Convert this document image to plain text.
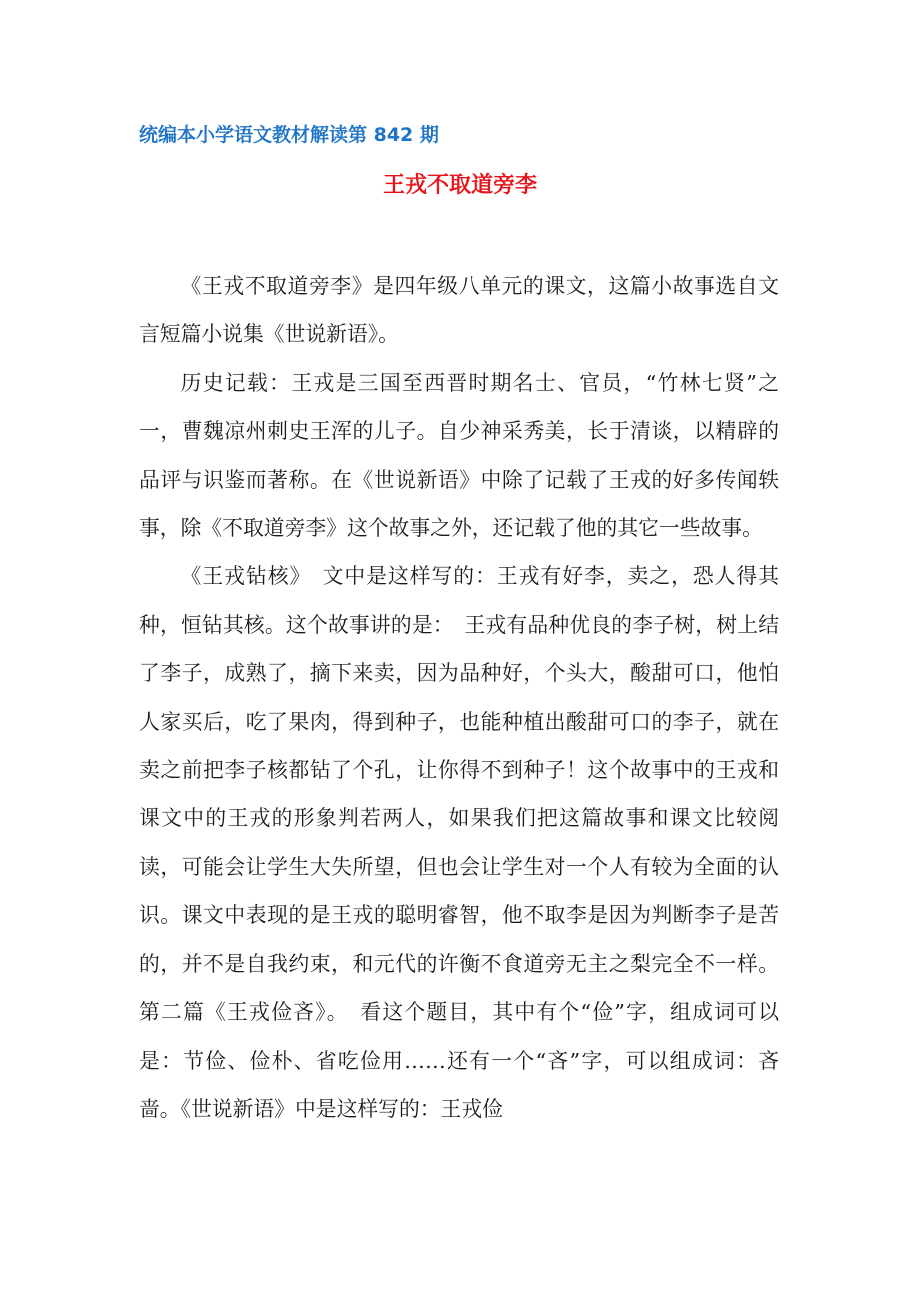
统编本小学语文教材解读第 842 期
王戎不取道旁李

《王戎不取道旁李》是四年级八单元的课文，这篇小故事选自文言短篇小说集《世说新语》。

历史记载：王戎是三国至西晋时期名士、官员，“竹林七贤”之一，曹魏凉州刺史王浑的儿子。自少神采秀美，长于清谈，以精辟的品评与识鉴而著称。在《世说新语》中除了记载了王戎的好多传闻轶事，除《不取道旁李》这个故事之外，还记载了他的其它一些故事。

《王戎钻核》　文中是这样写的：王戎有好李，卖之，恐人得其种，恒钻其核。这个故事讲的是：　王戎有品种优良的李子树，树上结了李子，成熟了，摘下来卖，因为品种好，个头大，酸甜可口，他怕人家买后，吃了果肉，得到种子，也能种植出酸甜可口的李子，就在卖之前把李子核都钻了个孔，让你得不到种子！这个故事中的王戎和课文中的王戎的形象判若两人，如果我们把这篇故事和课文比较阅读，可能会让学生大失所望，但也会让学生对一个人有较为全面的认识。课文中表现的是王戎的聪明睿智，他不取李是因为判断李子是苦的，并不是自我约束，和元代的许衡不食道旁无主之梨完全不一样。第二篇《王戎俭吝》。　看这个题目，其中有个“俭”字，组成词可以是：节俭、俭朴、省吃俭用……还有一个“吝”字，可以组成词：吝啬。《世说新语》中是这样写的：王戎俭
